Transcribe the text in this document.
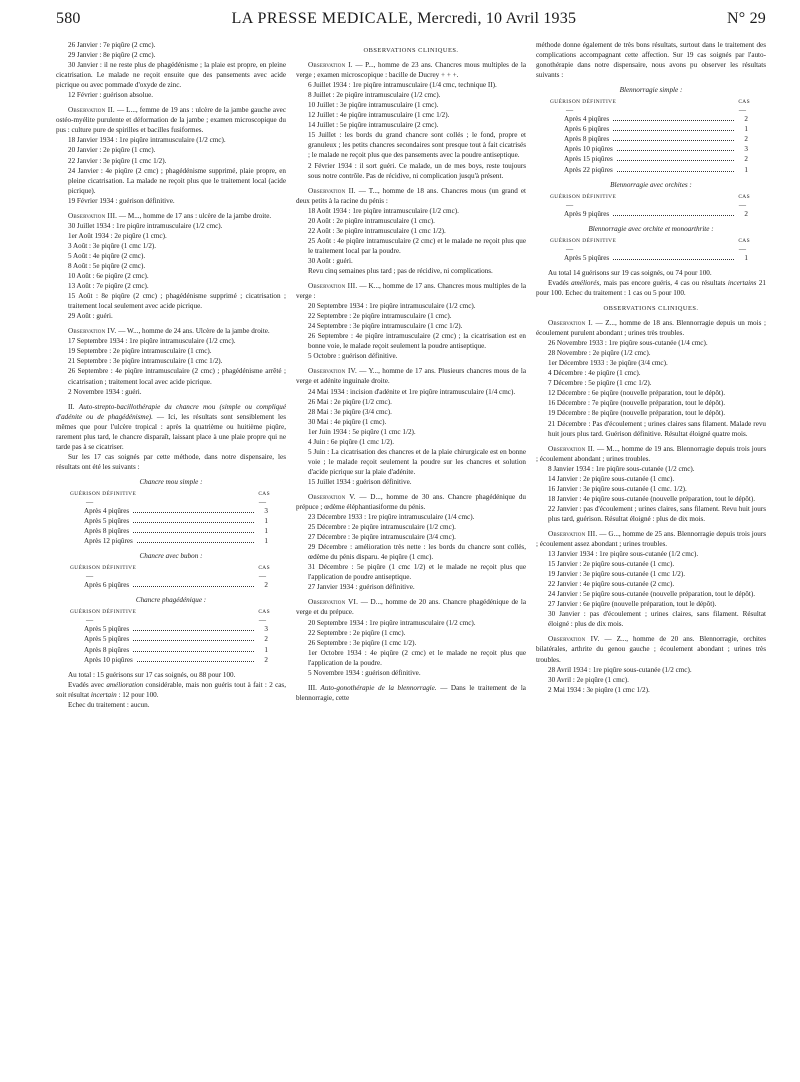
580	LA PRESSE MEDICALE, Mercredi, 10 Avril 1935	N° 29

26 Janvier : 7e piqûre (2 cmc).

29 Janvier : 8e piqûre (2 cmc).

30 Janvier : il ne reste plus de phagédénisme ; la plaie est propre, en pleine cicatrisation. Le malade ne reçoit ensuite que des pansements avec acide picrique ou avec pommade d'oxyde de zinc.

12 Février : guérison absolue.

Observation II. — L..., femme de 19 ans : ulcère de la jambe gauche avec ostéo-myélite purulente et déformation de la jambe ; examen microscopique du pus : culture pure de spirilles et bacilles fusiformes.

18 Janvier 1934 : 1re piqûre intramusculaire (1/2 cmc).

20 Janvier : 2e piqûre (1 cmc).

22 Janvier : 3e piqûre (1 cmc 1/2).

24 Janvier : 4e piqûre (2 cmc) ; phagédénisme supprimé, plaie propre, en pleine cicatrisation. La malade ne reçoit plus que le traitement local (acide picrique).

19 Février 1934 : guérison définitive.

Observation III. — M..., homme de 17 ans : ulcère de la jambe droite.

30 Juillet 1934 : 1re piqûre intramusculaire (1/2 cmc).

1er Août 1934 : 2e piqûre (1 cmc).

3 Août : 3e piqûre (1 cmc 1/2).

5 Août : 4e piqûre (2 cmc).

8 Août : 5e piqûre (2 cmc).

10 Août : 6e piqûre (2 cmc).

13 Août : 7e piqûre (2 cmc).

15 Août : 8e piqûre (2 cmc) ; phagédénisme supprimé ; cicatrisation ; traitement local seulement avec acide picrique.

29 Août : guéri.

Observation IV. — W..., homme de 24 ans. Ulcère de la jambe droite.

17 Septembre 1934 : 1re piqûre intramusculaire (1/2 cmc).

19 Septembre : 2e piqûre intramusculaire (1 cmc).

21 Septembre : 3e piqûre intramusculaire (1 cmc 1/2).

26 Septembre : 4e piqûre intramusculaire (2 cmc) ; phagédénisme arrêté ; cicatrisation ; traitement local avec acide picrique.

2 Novembre 1934 : guéri.

II. Auto-strepto-bacillothérapie du chancre mou (simple ou compliqué d'adénite ou de phagédénisme). — Ici, les résultats sont sensiblement les mêmes que pour l'ulcère tropical : après la quatrième ou huitième piqûre, rarement plus tard, le chancre disparaît, laissant place à une plaie propre qui ne tarde pas à se cicatriser.

Sur les 17 cas soignés par cette méthode, dans notre dispensaire, les résultats ont été les suivants :

Chancre mou simple :
GUÉRISON DÉFINITIVE	CAS
—	—
Après 4 piqûres	3
Après 5 piqûres	1
Après 8 piqûres	1
Après 12 piqûres	1
Chancre avec bubon :
GUÉRISON DÉFINITIVE	CAS
—	—
Après 6 piqûres	2
Chancre phagédénique :
GUÉRISON DÉFINITIVE	CAS
—	—
Après 5 piqûres	3
Après 5 piqûres	2
Après 8 piqûres	1
Après 10 piqûres	2

Au total : 15 guérisons sur 17 cas soignés, ou 88 pour 100.

Evadés avec amélioration considérable, mais non guéris tout à fait : 2 cas, soit résultat incertain : 12 pour 100.

Echec du traitement : aucun.

OBSERVATIONS CLINIQUES.

Observation I. — P..., homme de 23 ans. Chancres mous multiples de la verge ; examen microscopique : bacille de Ducrey + + +.

6 Juillet 1934 : 1re piqûre intramusculaire (1/4 cmc, technique II).

8 Juillet : 2e piqûre intramusculaire (1/2 cmc).

10 Juillet : 3e piqûre intramusculaire (1 cmc).

12 Juillet : 4e piqûre intramusculaire (1 cmc 1/2).

14 Juillet : 5e piqûre intramusculaire (2 cmc).

15 Juillet : les bords du grand chancre sont collés ; le fond, propre et granuleux ; les petits chancres secondaires sont presque tout à fait cicatrisés ; le malade ne reçoit plus que des pansements avec la poudre antiseptique.

2 Février 1934 : il sort guéri. Ce malade, un de mes boys, reste toujours sous notre contrôle. Pas de récidive, ni complication jusqu'à présent.

Observation II. — T..., homme de 18 ans. Chancres mous (un grand et deux petits à la racine du pénis :

18 Août 1934 : 1re piqûre intramusculaire (1/2 cmc).

20 Août : 2e piqûre intramusculaire (1 cmc).

22 Août : 3e piqûre intramusculaire (1 cmc 1/2).

25 Août : 4e piqûre intramusculaire (2 cmc) et le malade ne reçoit plus que le traitement local par la poudre.

30 Août : guéri.

Revu cinq semaines plus tard ; pas de récidive, ni complications.

Observation III. — K..., homme de 17 ans. Chancres mous multiples de la verge :

20 Septembre 1934 : 1re piqûre intramusculaire (1/2 cmc).

22 Septembre : 2e piqûre intramusculaire (1 cmc).

24 Septembre : 3e piqûre intramusculaire (1 cmc 1/2).

26 Septembre : 4e piqûre intramusculaire (2 cmc) ; la cicatrisation est en bonne voie, le malade reçoit seulement la poudre antiseptique.

5 Octobre : guérison définitive.

Observation IV. — Y..., homme de 17 ans. Plusieurs chancres mous de la verge et adénite inguinale droite.

24 Mai 1934 : incision d'adénite et 1re piqûre intramusculaire (1/4 cmc).

26 Mai : 2e piqûre (1/2 cmc).

28 Mai : 3e piqûre (3/4 cmc).

30 Mai : 4e piqûre (1 cmc).

1er Juin 1934 : 5e piqûre (1 cmc 1/2).

4 Juin : 6e piqûre (1 cmc 1/2).

5 Juin : La cicatrisation des chancres et de la plaie chirurgicale est en bonne voie ; le malade reçoit seulement la poudre sur les chancres et solution d'acide picrique sur la plaie d'adénite.

15 Juillet 1934 : guérison définitive.

Observation V. — D..., homme de 30 ans. Chancre phagédénique du prépuce ; œdème éléphantiasiforme du pénis.

23 Décembre 1933 : 1re piqûre intramusculaire (1/4 cmc).

25 Décembre : 2e piqûre intramusculaire (1/2 cmc).

27 Décembre : 3e piqûre intramusculaire (3/4 cmc).

29 Décembre : amélioration très nette : les bords du chancre sont collés, œdème du pénis disparu. 4e piqûre (1 cmc).

31 Décembre : 5e piqûre (1 cmc 1/2) et le malade ne reçoit plus que l'application de poudre antiseptique.

27 Janvier 1934 : guérison définitive.

Observation VI. — D..., homme de 20 ans. Chancre phagédénique de la verge et du prépuce.

20 Septembre 1934 : 1re piqûre intramusculaire (1/2 cmc).

22 Septembre : 2e piqûre (1 cmc).

26 Septembre : 3e piqûre (1 cmc 1/2).

1er Octobre 1934 : 4e piqûre (2 cmc) et le malade ne reçoit plus que l'application de la poudre.

5 Novembre 1934 : guérison définitive.

III. Auto-gonothérapie de la blennorragie. — Dans le traitement de la blennorragie, cette

méthode donne également de très bons résultats, surtout dans le traitement des complications accompagnant cette affection. Sur 19 cas soignés par l'auto-gonothérapie dans notre dispensaire, nous avons pu observer les résultats suivants :

Blennorragie simple :
GUÉRISON DÉFINITIVE	CAS
—	—
Après 4 piqûres	2
Après 6 piqûres	1
Après 8 piqûres	2
Après 10 piqûres	3
Après 15 piqûres	2
Après 22 piqûres	1
Blennorragie avec orchites :
GUÉRISON DÉFINITIVE	CAS
—	—
Après 9 piqûres	2
Blennorragie avec orchite et monoarthrite :
GUÉRISON DÉFINITIVE	CAS
—	—
Après 5 piqûres	1

Au total 14 guérisons sur 19 cas soignés, ou 74 pour 100.

Evadés améliorés, mais pas encore guéris, 4 cas ou résultats incertains 21 pour 100. Echec du traitement : 1 cas ou 5 pour 100.

OBSERVATIONS CLINIQUES.

Observation I. — Z..., homme de 18 ans. Blennorragie depuis un mois ; écoulement purulent abondant ; urines très troubles.

26 Novembre 1933 : 1re piqûre sous-cutanée (1/4 cmc).

28 Novembre : 2e piqûre (1/2 cmc).

1er Décembre 1933 : 3e piqûre (3/4 cmc).

4 Décembre : 4e piqûre (1 cmc).

7 Décembre : 5e piqûre (1 cmc 1/2).

12 Décembre : 6e piqûre (nouvelle préparation, tout le dépôt).

16 Décembre : 7e piqûre (nouvelle préparation, tout le dépôt).

19 Décembre : 8e piqûre (nouvelle préparation, tout le dépôt).

21 Décembre : Pas d'écoulement ; urines claires sans filament. Malade revu huit jours plus tard. Guérison définitive. Résultat éloigné quatre mois.

Observation II. — M..., homme de 19 ans. Blennorragie depuis trois jours ; écoulement abondant ; urines troubles.

8 Janvier 1934 : 1re piqûre sous-cutanée (1/2 cmc).

14 Janvier : 2e piqûre sous-cutanée (1 cmc).

16 Janvier : 3e piqûre sous-cutanée (1 cmc. 1/2).

18 Janvier : 4e piqûre sous-cutanée (nouvelle préparation, tout le dépôt).

22 Janvier : pas d'écoulement ; urines claires, sans filament. Revu huit jours plus tard, guérison. Résultat éloigné : plus de dix mois.

Observation III. — G..., homme de 25 ans. Blennorragie depuis trois jours ; écoulement assez abondant ; urines troubles.

13 Janvier 1934 : 1re piqûre sous-cutanée (1/2 cmc).

15 Janvier : 2e piqûre sous-cutanée (1 cmc).

19 Janvier : 3e piqûre sous-cutanée (1 cmc 1/2).

22 Janvier : 4e piqûre sous-cutanée (2 cmc).

24 Janvier : 5e piqûre sous-cutanée (nouvelle préparation, tout le dépôt).

27 Janvier : 6e piqûre (nouvelle préparation, tout le dépôt).

30 Janvier : pas d'écoulement ; urines claires, sans filament. Résultat éloigné : plus de dix mois.

Observation IV. — Z..., homme de 20 ans. Blennorragie, orchites bilatérales, arthrite du genou gauche ; écoulement abondant ; urines très troubles.

28 Avril 1934 : 1re piqûre sous-cutanée (1/2 cmc).

30 Avril : 2e piqûre (1 cmc).

2 Mai 1934 : 3e piqûre (1 cmc 1/2).
